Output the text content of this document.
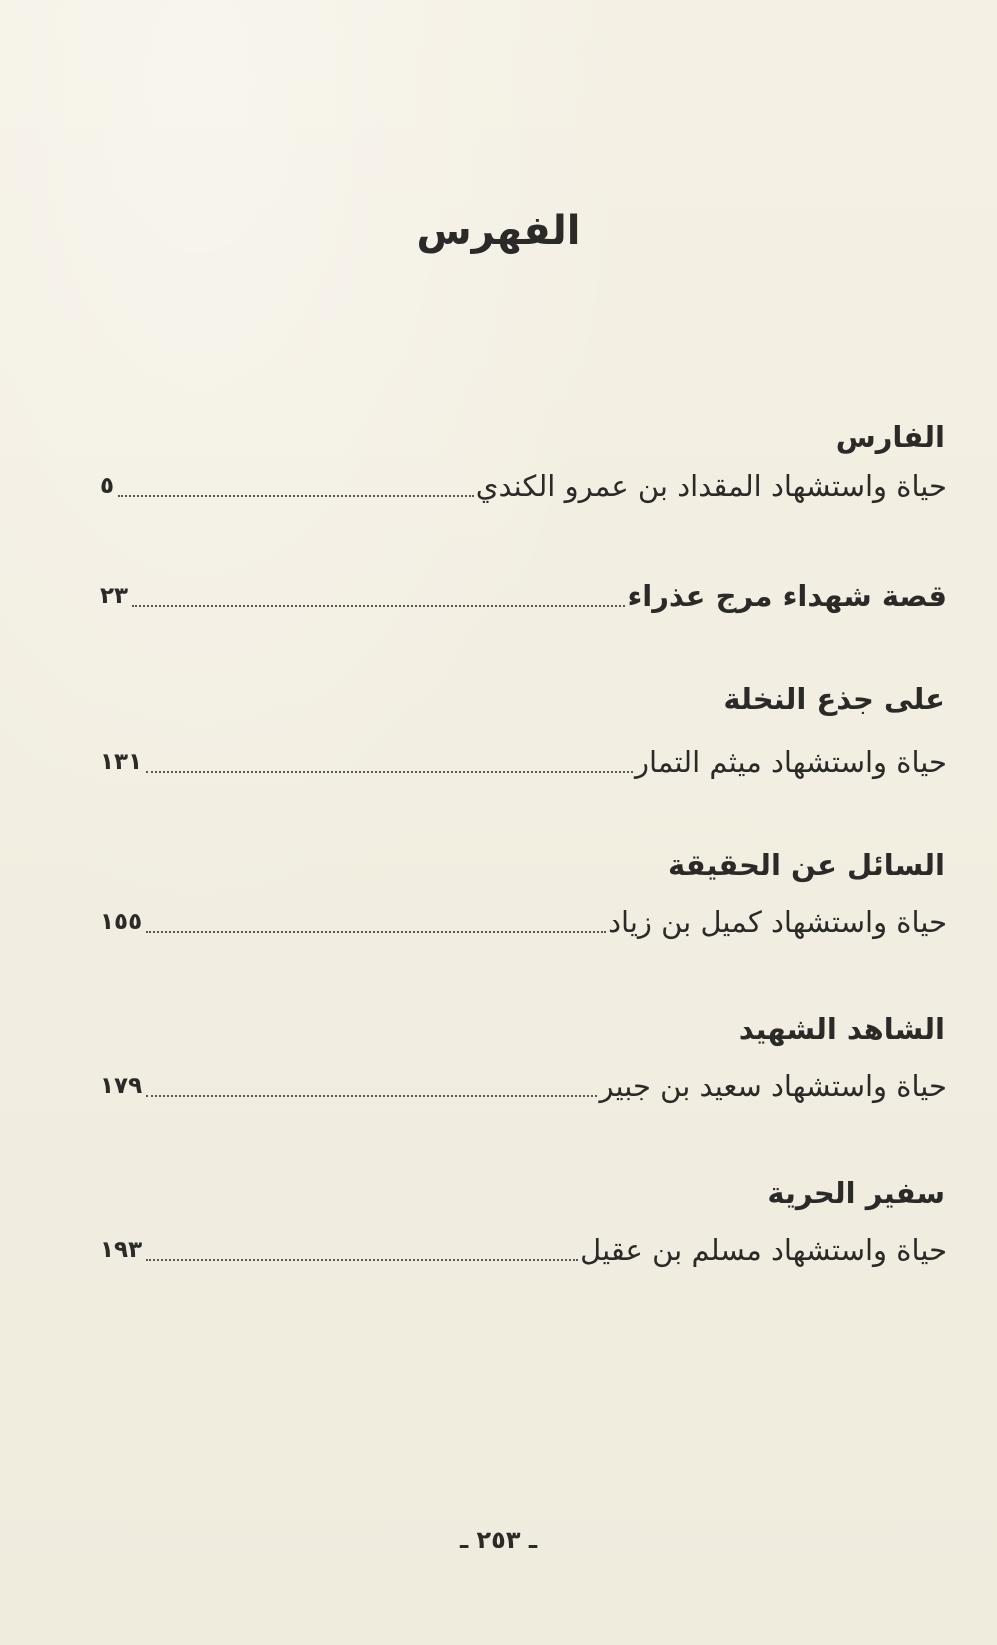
الفهرس
الفارس
حياة واستشهاد المقداد بن عمرو الكندي
٥
قصة شهداء مرج عذراء
٢٣
على جذع النخلة
حياة واستشهاد ميثم التمار
١٣١
السائل عن الحقيقة
حياة واستشهاد كميل بن زياد
١٥٥
الشاهد الشهيد
حياة واستشهاد سعيد بن جبير
١٧٩
سفير الحرية
حياة واستشهاد مسلم بن عقيل
١٩٣
ـ ٢٥٣ ـ
